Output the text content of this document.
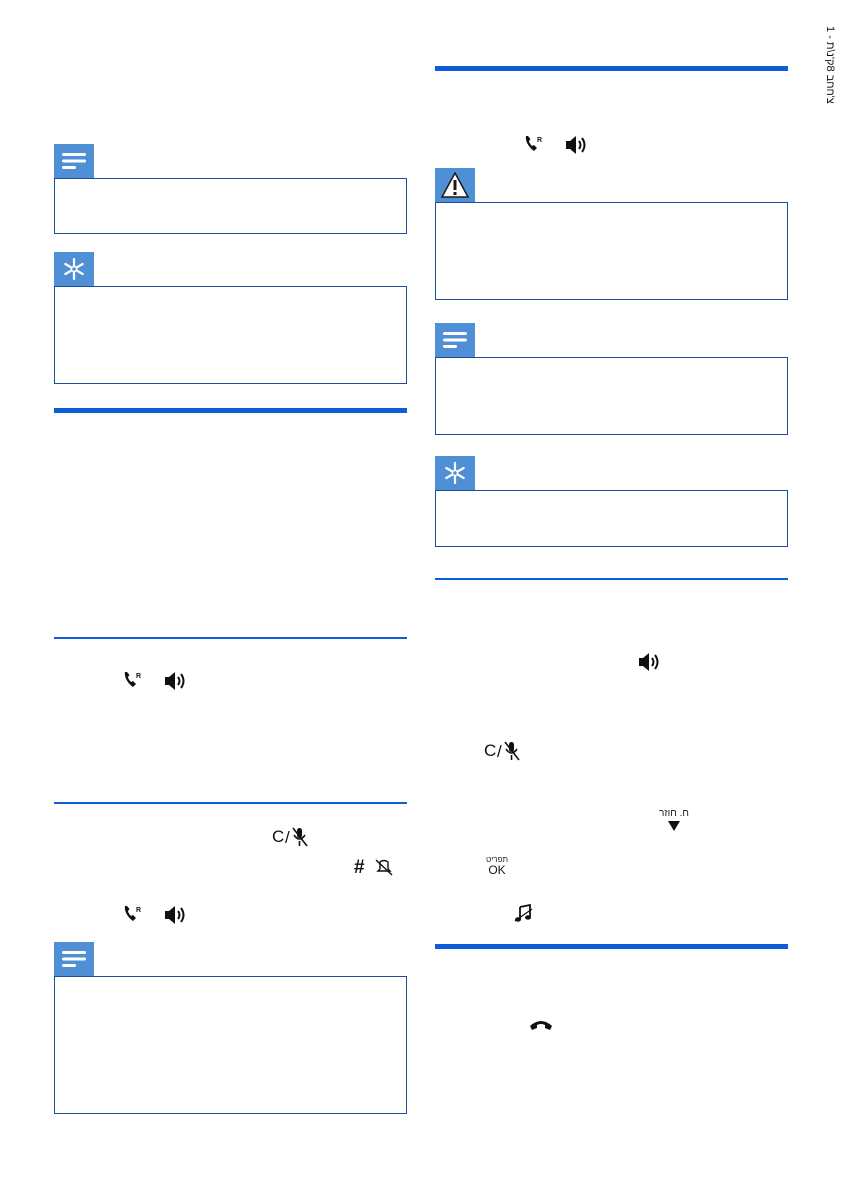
1 - צ'חחב 8ק'נ\ת
R
C /
#
R
R
C /
ח. חוזר
תפריט
OK
